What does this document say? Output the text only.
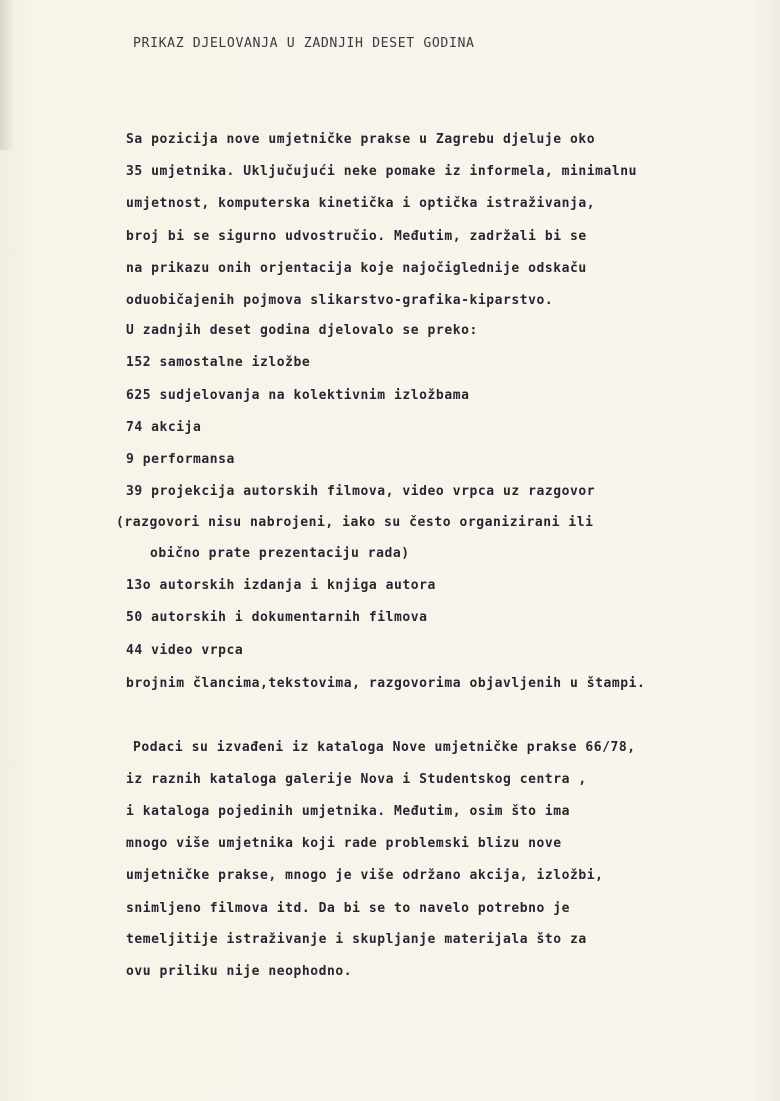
PRIKAZ DJELOVANJA U ZADNJIH DESET GODINA
Sa pozicija nove umjetničke prakse u Zagrebu djeluje oko
35 umjetnika. Uključujući neke pomake iz informela, minimalnu
umjetnost, komputerska kinetička i optička istraživanja,
broj bi se sigurno udvostručio. Međutim, zadržali bi se
na prikazu onih orjentacija koje najočiglednije odskaču
oduobičajenih pojmova slikarstvo-grafika-kiparstvo.
U zadnjih deset godina djelovalo se preko:
152 samostalne izložbe
625 sudjelovanja na kolektivnim izložbama
74 akcija
9 performansa
39 projekcija autorskih filmova, video vrpca uz razgovor
(razgovori nisu nabrojeni, iako su često organizirani ili
obično prate prezentaciju rada)
13o autorskih izdanja i knjiga autora
50 autorskih i dokumentarnih filmova
44 video vrpca
brojnim člancima,tekstovima, razgovorima objavljenih u štampi.
Podaci su izvađeni iz kataloga Nove umjetničke prakse 66/78,
iz raznih kataloga galerije Nova i Studentskog centra ,
i kataloga pojedinih umjetnika. Međutim, osim što ima
mnogo više umjetnika koji rade problemski blizu nove
umjetničke prakse, mnogo je više održano akcija, izložbi,
snimljeno filmova itd. Da bi se to navelo potrebno je
temeljitije istraživanje i skupljanje materijala što za
ovu priliku nije neophodno.
